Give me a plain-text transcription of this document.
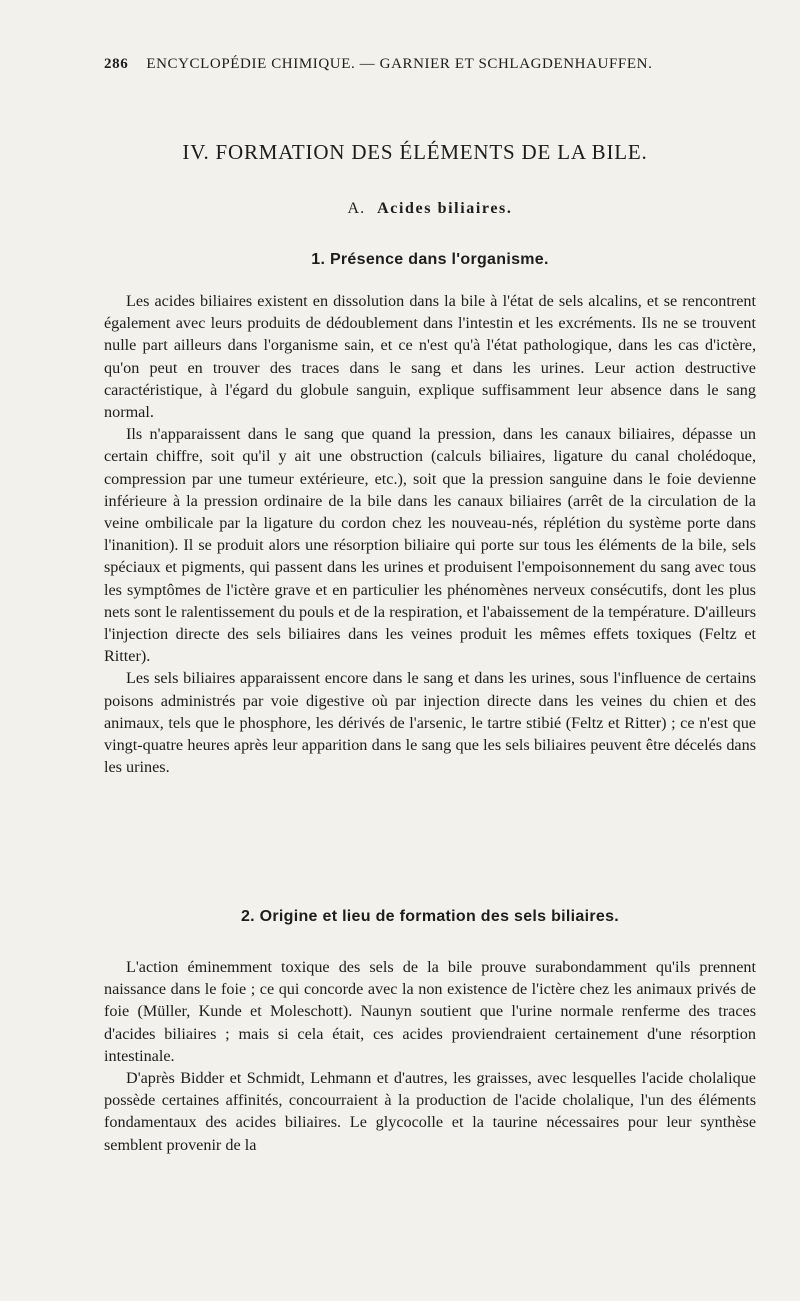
286 ENCYCLOPÉDIE CHIMIQUE. — GARNIER ET SCHLAGDENHAUFFEN.
IV. FORMATION DES ÉLÉMENTS DE LA BILE.
A. Acides biliaires.
1. Présence dans l'organisme.

Les acides biliaires existent en dissolution dans la bile à l'état de sels alcalins, et se rencontrent également avec leurs produits de dédoublement dans l'intestin et les excréments. Ils ne se trouvent nulle part ailleurs dans l'organisme sain, et ce n'est qu'à l'état pathologique, dans les cas d'ictère, qu'on peut en trouver des traces dans le sang et dans les urines. Leur action destructive caractéristique, à l'égard du globule sanguin, explique suffisamment leur absence dans le sang normal.

Ils n'apparaissent dans le sang que quand la pression, dans les canaux biliaires, dépasse un certain chiffre, soit qu'il y ait une obstruction (calculs biliaires, ligature du canal cholédoque, compression par une tumeur extérieure, etc.), soit que la pression sanguine dans le foie devienne inférieure à la pression ordinaire de la bile dans les canaux biliaires (arrêt de la circulation de la veine ombilicale par la ligature du cordon chez les nouveau-nés, réplétion du système porte dans l'inanition). Il se produit alors une résorption biliaire qui porte sur tous les éléments de la bile, sels spéciaux et pigments, qui passent dans les urines et produisent l'empoisonnement du sang avec tous les symptômes de l'ictère grave et en particulier les phénomènes nerveux consécutifs, dont les plus nets sont le ralentissement du pouls et de la respiration, et l'abaissement de la température. D'ailleurs l'injection directe des sels biliaires dans les veines produit les mêmes effets toxiques (Feltz et Ritter).

Les sels biliaires apparaissent encore dans le sang et dans les urines, sous l'influence de certains poisons administrés par voie digestive où par injection directe dans les veines du chien et des animaux, tels que le phosphore, les dérivés de l'arsenic, le tartre stibié (Feltz et Ritter) ; ce n'est que vingt-quatre heures après leur apparition dans le sang que les sels biliaires peuvent être décelés dans les urines.

2. Origine et lieu de formation des sels biliaires.

L'action éminemment toxique des sels de la bile prouve surabondamment qu'ils prennent naissance dans le foie ; ce qui concorde avec la non existence de l'ictère chez les animaux privés de foie (Müller, Kunde et Moleschott). Naunyn soutient que l'urine normale renferme des traces d'acides biliaires ; mais si cela était, ces acides proviendraient certainement d'une résorption intestinale.

D'après Bidder et Schmidt, Lehmann et d'autres, les graisses, avec lesquelles l'acide cholalique possède certaines affinités, concourraient à la production de l'acide cholalique, l'un des éléments fondamentaux des acides biliaires. Le glycocolle et la taurine nécessaires pour leur synthèse semblent provenir de la
